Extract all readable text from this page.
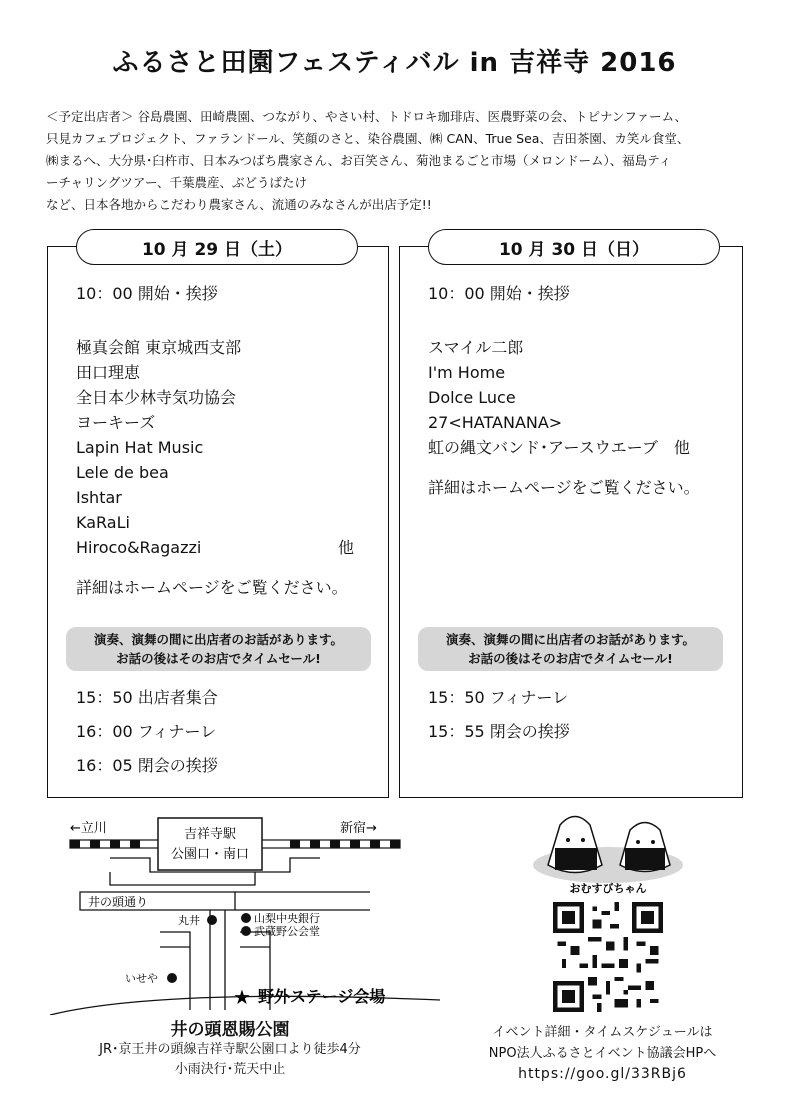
ふるさと田園フェスティバル in 吉祥寺 2016
＜予定出店者＞ 谷島農園、田崎農園、つながり、やさい村、トドロキ珈琲店、医農野菜の会、トピナンファーム、
只見カフェプロジェクト、ファランドール、笑顔のさと、染谷農園、㈱ CAN、True Sea、吉田茶園、カ笑ル食堂、
㈱まるへ、大分県･臼杵市、日本みつばち農家さん、お百笑さん、菊池まるごと市場（メロンドーム）、福島ティ
ーチャリングツアー、千葉農産、ぶどうばたけ
など、日本各地からこだわり農家さん、流通のみなさんが出店予定!!
10 月 29 日（土）
10：00 開始・挨拶
極真会館 東京城西支部
田口理恵
全日本少林寺気功協会
ヨーキーズ
Lapin Hat Music
Lele de bea
Ishtar
KaRaLi
Hiroco&Ragazzi	他
詳細はホームページをご覧ください。
演奏、演舞の間に出店者のお話があります。
お話の後はそのお店でタイムセール!
15：50 出店者集合
16：00 フィナーレ
16：05 閉会の挨拶
10 月 30 日（日）
10：00 開始・挨拶
スマイル二郎
I'm Home
Dolce Luce
27<HATANANA>
虹の縄文バンド･アースウエーブ　他
詳細はホームページをご覧ください。
演奏、演舞の間に出店者のお話があります。
お話の後はそのお店でタイムセール!
15：50 フィナーレ
15：55 閉会の挨拶
←立川	新宿→
吉祥寺駅
公園口・南口
井の頭通り
丸井	山梨中央銀行
武蔵野公会堂
いせや
★ 野外ステージ会場
井の頭恩賜公園
JR･京王井の頭線吉祥寺駅公園口より徒歩4分
小雨決行･荒天中止
おむすびちゃん
イベント詳細・タイムスケジュールは
NPO法人ふるさとイベント協議会HPへ
https://goo.gl/33RBj6
